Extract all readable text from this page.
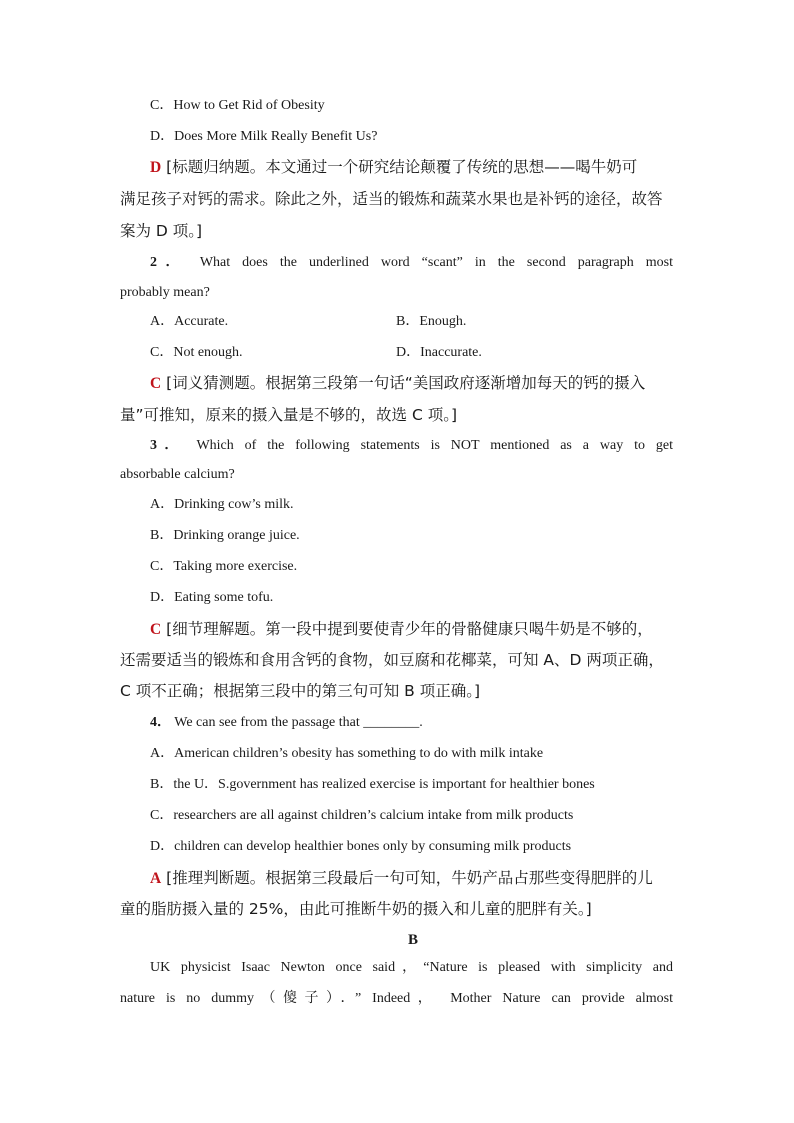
C．How to Get Rid of Obesity
D．Does More Milk Really Benefit Us?
D [标题归纳题。本文通过一个研究结论颠覆了传统的思想——喝牛奶可
满足孩子对钙的需求。除此之外，适当的锻炼和蔬菜水果也是补钙的途径，故答
案为 D 项。]
2． What does the underlined word “scant” in the second paragraph most
probably mean?
A．Accurate.	B．Enough.
C．Not enough.	D．Inaccurate.
C [词义猜测题。根据第三段第一句话“美国政府逐渐增加每天的钙的摄入
量”可推知，原来的摄入量是不够的，故选 C 项。]
3． Which of the following statements is NOT mentioned as a way to get
absorbable calcium?
A．Drinking cow’s milk.
B．Drinking orange juice.
C．Taking more exercise.
D．Eating some tofu.
C [细节理解题。第一段中提到要使青少年的骨骼健康只喝牛奶是不够的，
还需要适当的锻炼和食用含钙的食物，如豆腐和花椰菜，可知 A、D 两项正确，
C 项不正确；根据第三段中的第三句可知 B 项正确。]
4． We can see from the passage that ________.
A．American children’s obesity has something to do with milk intake
B．the U．S.government has realized exercise is important for healthier bones
C．researchers are all against children’s calcium intake from milk products
D．children can develop healthier bones only by consuming milk products
A [推理判断题。根据第三段最后一句可知，牛奶产品占那些变得肥胖的儿
童的脂肪摄入量的 25%，由此可推断牛奶的摄入和儿童的肥胖有关。]
B
UK physicist Isaac Newton once said，“Nature is pleased with simplicity and
nature is no dummy（傻子）．” Indeed， Mother Nature can provide almost
